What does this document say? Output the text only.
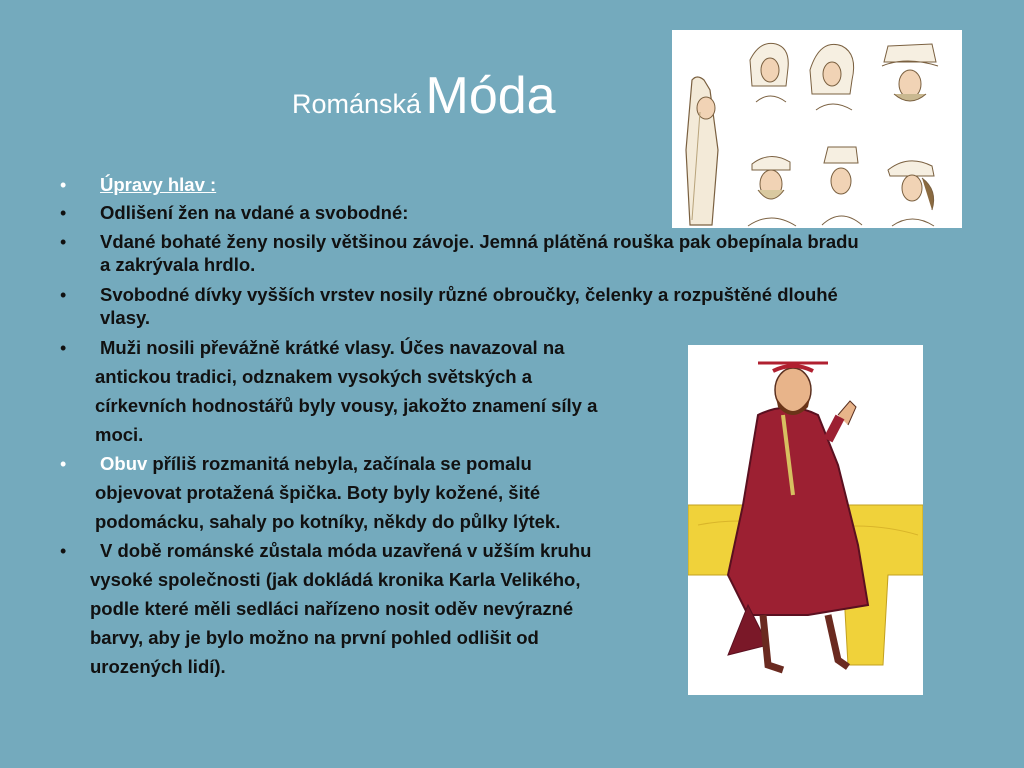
Románská Móda
• Úpravy hlav :
• Odlišení žen na vdané a svobodné:
• Vdané bohaté ženy nosily většinou závoje. Jemná plátěná rouška pak obepínala bradu
a zakrývala hrdlo.
• Svobodné dívky vyšších vrstev nosily různé obroučky, čelenky a rozpuštěné dlouhé
vlasy.
• Muži nosili převážně krátké vlasy. Účes navazoval na
antickou tradici, odznakem vysokých světských a
církevních hodnostářů byly vousy, jakožto znamení síly a
moci.
• Obuv příliš rozmanitá nebyla, začínala se pomalu
objevovat protažená špička. Boty byly kožené, šité
podomácku, sahaly po kotníky, někdy do půlky lýtek.
• V době románské zůstala móda uzavřená v užším kruhu
vysoké společnosti (jak dokládá kronika Karla Velikého,
podle které měli sedláci nařízeno nosit oděv nevýrazné
barvy, aby je bylo možno na první pohled odlišit od
urozených lidí).
